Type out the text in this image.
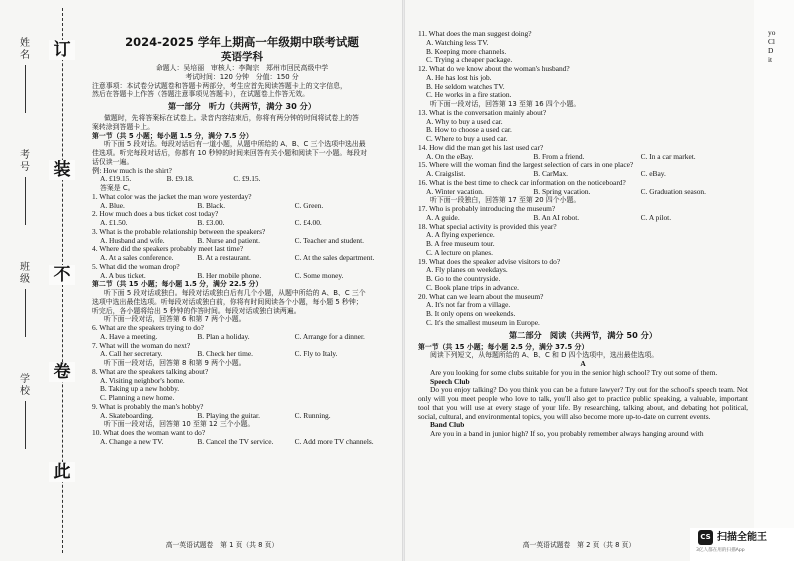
订
装
不
卷
此
姓名
考号
班级
学校
2024-2025 学年上期高一年级期中联考试题
英语学科
命题人：吴培丽　审核人：李陶宗　郑州市回民高级中学
考试时间：120 分钟　分值：150 分
注意事项：本试卷分试题卷和答题卡两部分，考生应首先阅读答题卡上的文字信息，
然后在答题卡上作答（答题注意事项见答题卡），在试题卷上作答无效。
第一部分　听力（共两节，满分 30 分）
做题时，先将答案标在试卷上。录音内容结束后，你将有两分钟的时间将试卷上的答
案转涂到答题卡上。
第一节（共 5 小题；每小题 1.5 分，满分 7.5 分）
听下面 5 段对话。每段对话后有一道小题，从题中所给的 A、B、C 三个选项中选出最
佳选项。听完每段对话后，你都有 10 秒钟的时间来回答有关小题和阅读下一小题。每段对
话仅读一遍。
例: How much is the shirt?
A. £19.15.	B. £9.18.	C. £9.15.
答案是 C。
1. What color was the jacket the man wore yesterday?
A. Blue.	B. Black.	C. Green.
2. How much does a bus ticket cost today?
A. £1.50.	B. £3.00.	C. £4.00.
3. What is the probable relationship between the speakers?
A. Husband and wife.	B. Nurse and patient.	C. Teacher and student.
4. Where did the speakers probably meet last time?
A. At a sales conference.	B. At a restaurant.	C. At the sales department.
5. What did the woman drop?
A. A bus ticket.	B. Her mobile phone.	C. Some money.
第二节（共 15 小题；每小题 1.5 分，满分 22.5 分）
听下面 5 段对话或独白。每段对话或独白后有几个小题，从题中所给的 A、B、C 三个
选项中选出最佳选项。听每段对话或独白前，你将有时间阅读各个小题，每小题 5 秒钟；
听完后，各小题将给出 5 秒钟的作答时间。每段对话或独白读两遍。
听下面一段对话，回答第 6 和第 7 两个小题。
6. What are the speakers trying to do?
A. Have a meeting.	B. Plan a holiday.	C. Arrange for a dinner.
7. What will the woman do next?
A. Call her secretary.	B. Check her time.	C. Fly to Italy.
听下面一段对话，回答第 8 和第 9 两个小题。
8. What are the speakers talking about?
A. Visiting neighbor's home.
B. Taking up a new hobby.
C. Planning a new home.
9. What is probably the man's hobby?
A. Skateboarding.	B. Playing the guitar.	C. Running.
听下面一段对话，回答第 10 至第 12 三个小题。
10. What does the woman want to do?
A. Change a new TV.	B. Cancel the TV service.	C. Add more TV channels.
高一英语试题卷　第 1 页（共 8 页）
11. What does the man suggest doing?
A. Watching less TV.
B. Keeping more channels.
C. Trying a cheaper package.
12. What do we know about the woman's husband?
A. He has lost his job.
B. He seldom watches TV.
C. He works in a fire station.
听下面一段对话，回答第 13 至第 16 四个小题。
13. What is the conversation mainly about?
A. Why to buy a used car.
B. How to choose a used car.
C. Where to buy a used car.
14. How did the man get his last used car?
A. On the eBay.	B. From a friend.	C. In a car market.
15. Where will the woman find the largest selection of cars in one place?
A. Craigslist.	B. CarMax.	C. eBay.
16. What is the best time to check car information on the noticeboard?
A. Winter vacation.	B. Spring vacation.	C. Graduation season.
听下面一段独白，回答第 17 至第 20 四个小题。
17. Who is probably introducing the museum?
A. A guide.	B. An AI robot.	C. A pilot.
18. What special activity is provided this year?
A. A flying experience.
B. A free museum tour.
C. A lecture on planes.
19. What does the speaker advise visitors to do?
A. Fly planes on weekdays.
B. Go to the countryside.
C. Book plane trips in advance.
20. What can we learn about the museum?
A. It's not far from a village.
B. It only opens on weekends.
C. It's the smallest museum in Europe.
第二部分　阅读（共两节，满分 50 分）
第一节（共 15 小题；每小题 2.5 分，满分 37.5 分）
阅读下列短文，从每题所给的 A、B、C 和 D 四个选项中，选出最佳选项。
A
Are you looking for some clubs suitable for you in the senior high school? Try out some of them.
Speech Club
Do you enjoy talking? Do you think you can be a future lawyer? Try out for the school's speech team. Not only will you meet people who love to talk, you'll also get to practice public speaking, a valuable, important tool that you will use at every stage of your life. By researching, talking about, and debating hot political, social, cultural, and environmental topics, you will also become more up-to-date on current events.
Band Club
Are you in a band in junior high? If so, you probably remember always hanging around with
高一英语试题卷　第 2 页（共 8 页）
yo
Cl
D
it
CS 扫描全能王
3亿人都在用的扫描App
